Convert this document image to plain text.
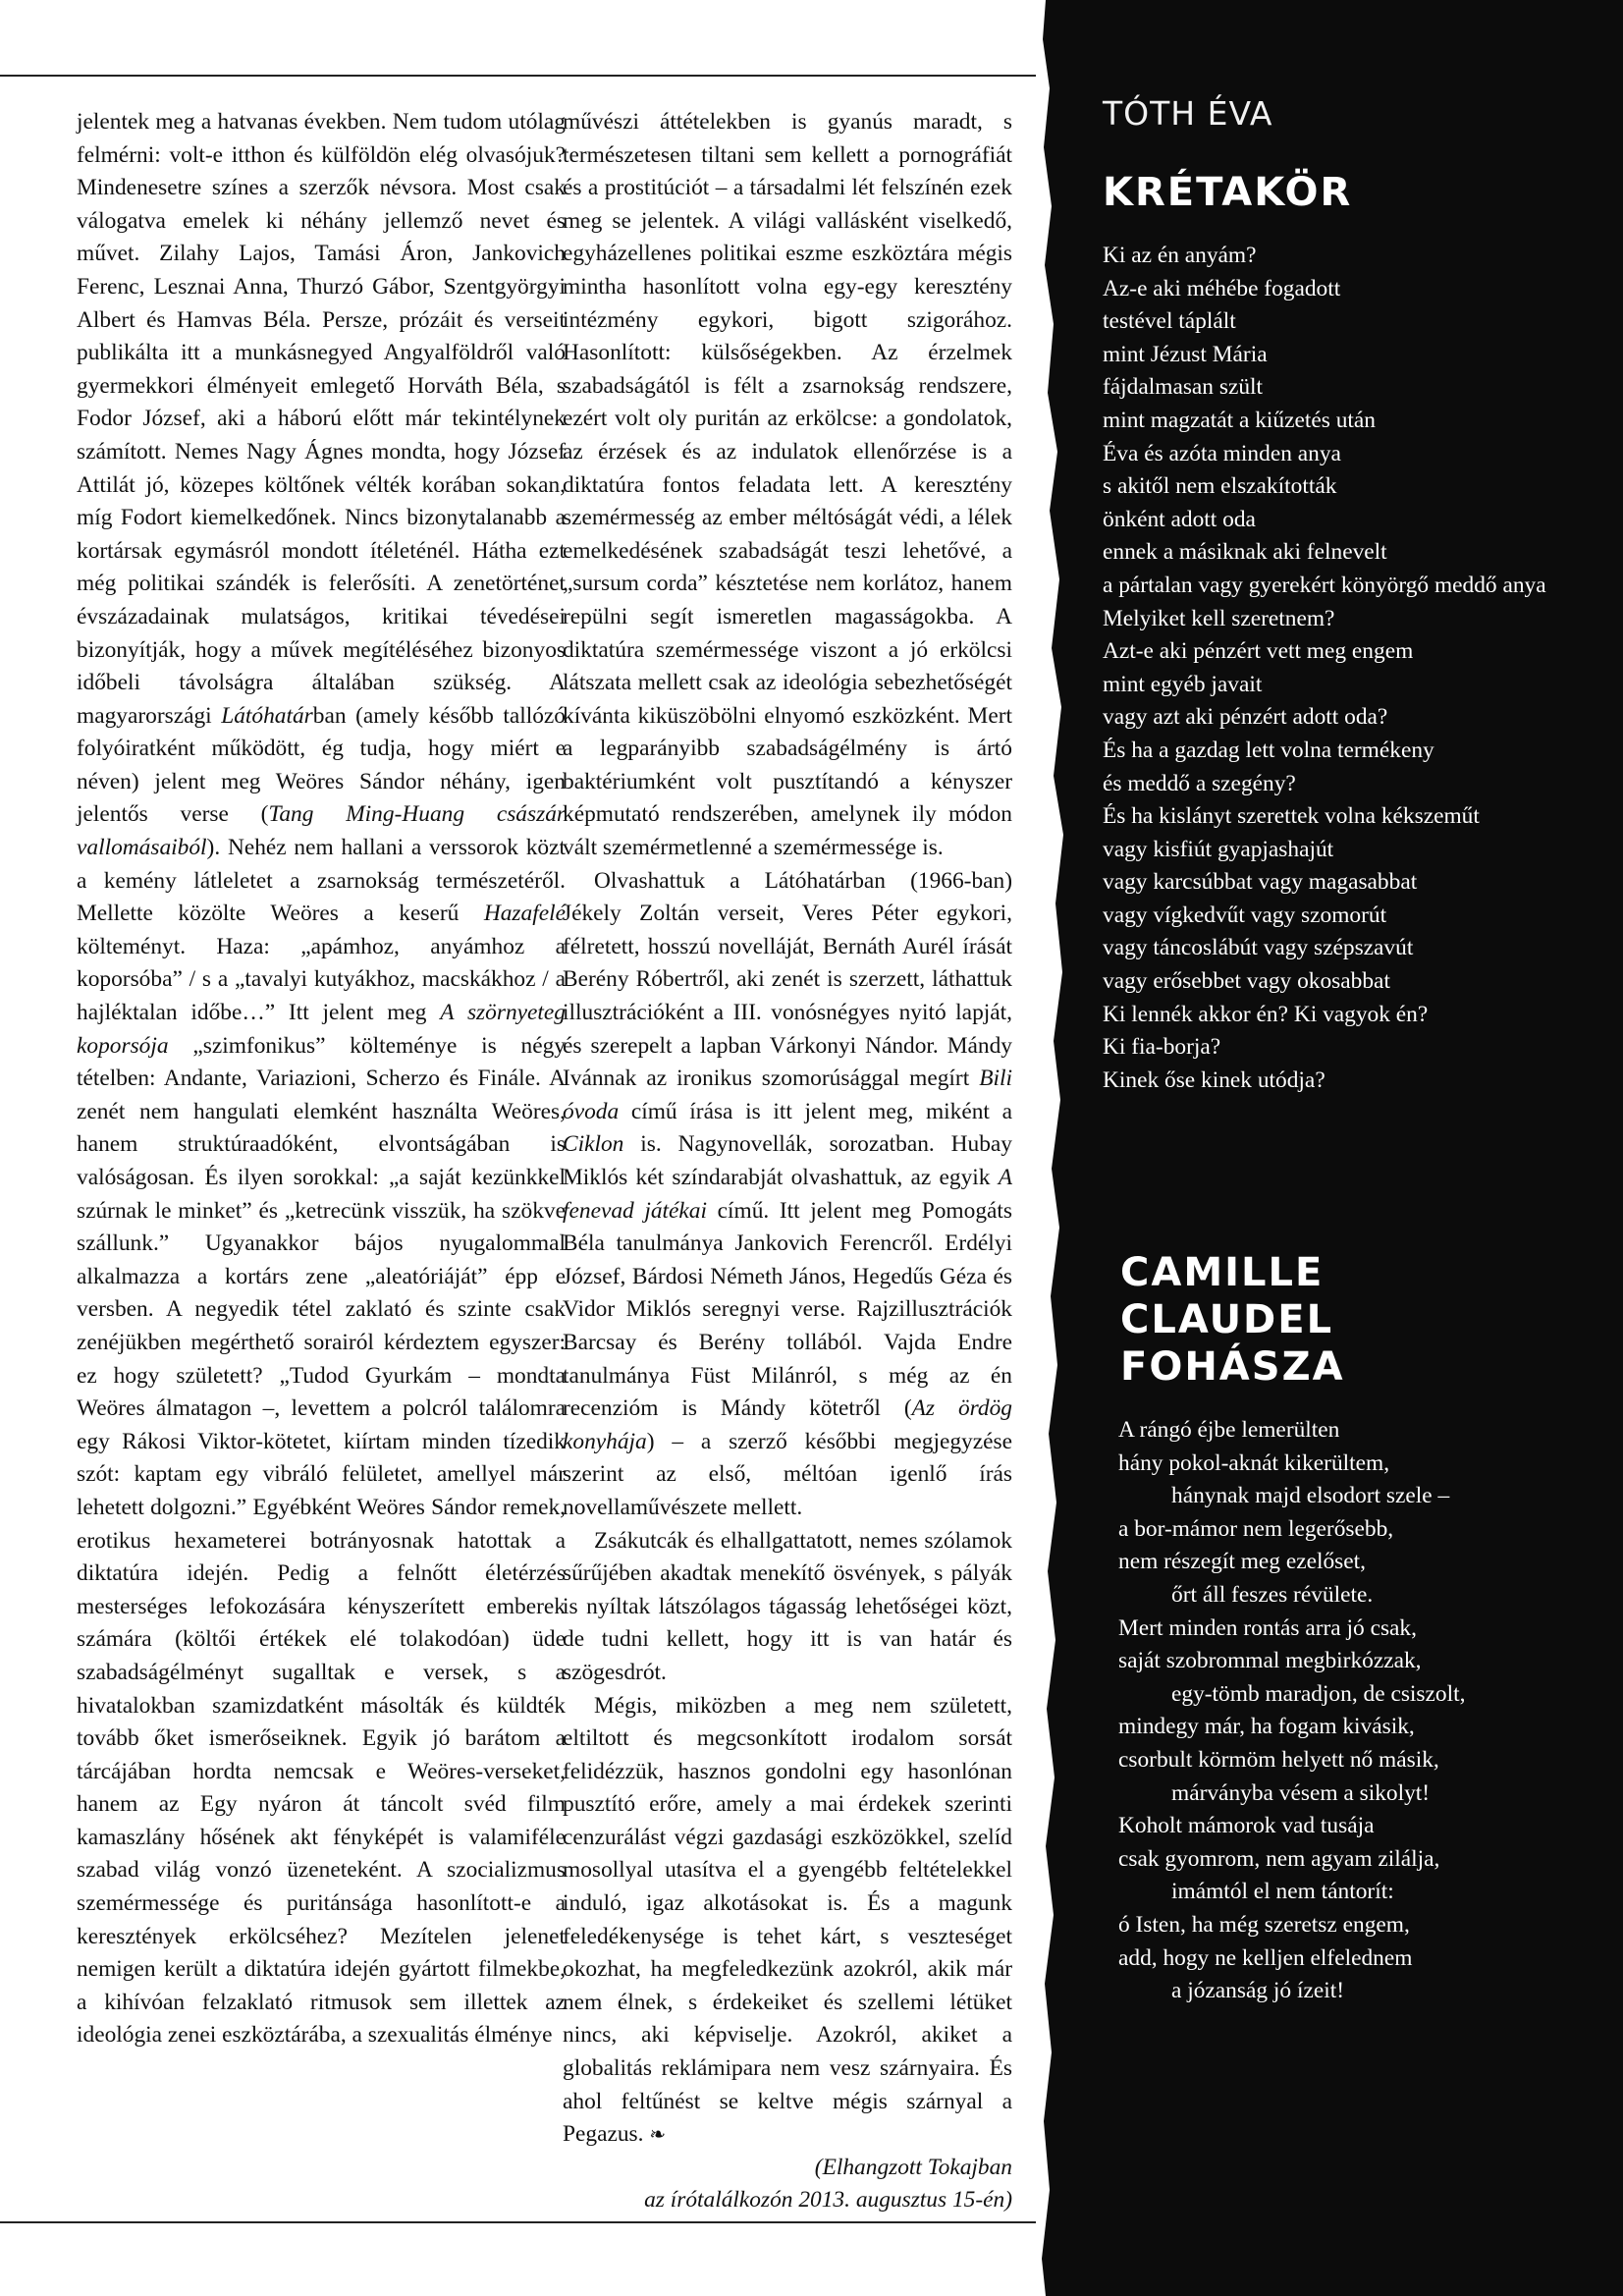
jelentek meg a hatvanas években. Nem tudom utólag felmérni: volt-e itthon és külföldön elég olvasójuk? Mindenesetre színes a szerzők névsora. Most csak válogatva emelek ki néhány jellemző nevet és művet. Zilahy Lajos, Tamási Áron, Jankovich Ferenc, Lesznai Anna, Thurzó Gábor, Szentgyörgyi Albert és Hamvas Béla. Persze, prózáit és verseit publikálta itt a munkásnegyed Angyalföldről való gyermekkori élményeit emlegető Horváth Béla, s Fodor József, aki a háború előtt már tekintélynek számított. Nemes Nagy Ágnes mondta, hogy József Attilát jó, közepes költőnek vélték korában sokan, míg Fodort kiemelkedőnek. Nincs bizonytalanabb a kortársak egymásról mondott ítéleténél. Hátha ezt még politikai szándék is felerősíti. A zenetörténet évszázadainak mulatságos, kritikai tévedései bizonyítják, hogy a művek megítéléséhez bizonyos időbeli távolságra általában szükség. A magyarországi Látóhatárban (amely később tallózó folyóiratként működött, ég tudja, hogy miért e néven) jelent meg Weöres Sándor néhány, igen jelentős verse (Tang Ming-Huang császár vallomásaiból). Nehéz nem hallani a verssorok közt a kemény látleletet a zsarnokság természetéről. Mellette közölte Weöres a keserű Hazafelé költeményt. Haza: „apámhoz, anyámhoz a koporsóba” / s a „tavalyi kutyákhoz, macskákhoz / a hajléktalan időbe…” Itt jelent meg A szörnyeteg koporsója „szimfonikus” költeménye is négy tételben: Andante, Variazioni, Scherzo és Finále. A zenét nem hangulati elemként használta Weöres, hanem struktúraadóként, elvontságában is valóságosan. És ilyen sorokkal: „a saját kezünkkel szúrnak le minket” és „ketrecünk visszük, ha szökve szállunk.” Ugyanakkor bájos nyugalommal alkalmazza a kortárs zene „aleatóriáját” épp e versben. A negyedik tétel zaklató és szinte csak zenéjükben megérthető sorairól kérdeztem egyszer: ez hogy született? „Tudod Gyurkám – mondta Weöres álmatagon –, levettem a polcról találomra egy Rákosi Viktor-kötetet, kiírtam minden tízedik szót: kaptam egy vibráló felületet, amellyel már lehetett dolgozni.” Egyébként Weöres Sándor remek, erotikus hexameterei botrányosnak hatottak a diktatúra idején. Pedig a felnőtt életérzés mesterséges lefokozására kényszerített emberek számára (költői értékek elé tolakodóan) üde szabadságélményt sugalltak e versek, s a hivatalokban szamizdatként másolták és küldték tovább őket ismerőseiknek. Egyik jó barátom a tárcájában hordta nemcsak e Weöres-verseket, hanem az Egy nyáron át táncolt svéd film kamaszlány hősének akt fényképét is valamiféle szabad világ vonzó üzeneteként. A szocializmus szemérmessége és puritánsága hasonlított-e a keresztények erkölcséhez? Mezítelen jelenet nemigen került a diktatúra idején gyártott filmekbe, a kihívóan felzaklató ritmusok sem illettek az ideológia zenei eszköztárába, a szexualitás élménye

művészi áttételekben is gyanús maradt, s természetesen tiltani sem kellett a pornográfiát és a prostitúciót – a társadalmi lét felszínén ezek meg se jelentek. A világi vallásként viselkedő, egyházellenes politikai eszme eszköztára mégis mintha hasonlított volna egy-egy keresztény intézmény egykori, bigott szigorához. Hasonlított: külsőségekben. Az érzelmek szabadságától is félt a zsarnokság rendszere, ezért volt oly puritán az erkölcse: a gondolatok, az érzések és az indulatok ellenőrzése is a diktatúra fontos feladata lett. A keresztény szemérmesség az ember méltóságát védi, a lélek emelkedésének szabadságát teszi lehetővé, a „sursum corda” késztetése nem korlátoz, hanem repülni segít ismeretlen magasságokba. A diktatúra szemérmessége viszont a jó erkölcsi látszata mellett csak az ideológia sebezhetőségét kívánta kiküszöbölni elnyomó eszközként. Mert a legparányibb szabadságélmény is ártó baktériumként volt pusztítandó a kényszer képmutató rendszerében, amelynek ily módon vált szemérmetlenné a szemérmessége is.

Olvashattuk a Látóhatárban (1966-ban) Jékely Zoltán verseit, Veres Péter egykori, félretett, hosszú novelláját, Bernáth Aurél írását Berény Róbertről, aki zenét is szerzett, láthattuk illusztrációként a III. vonósnégyes nyitó lapját, és szerepelt a lapban Várkonyi Nándor. Mándy Ivánnak az ironikus szomorúsággal megírt Bili óvoda című írása is itt jelent meg, miként a Ciklon is. Nagynovellák, sorozatban. Hubay Miklós két színdarabját olvashattuk, az egyik A fenevad játékai című. Itt jelent meg Pomogáts Béla tanulmánya Jankovich Ferencről. Erdélyi József, Bárdosi Németh János, Hegedűs Géza és Vidor Miklós seregnyi verse. Rajzillusztrációk Barcsay és Berény tollából. Vajda Endre tanulmánya Füst Milánról, s még az én recenzióm is Mándy kötetről (Az ördög konyhája) – a szerző későbbi megjegyzése szerint az első, méltóan igenlő írás novellaművészete mellett.

Zsákutcák és elhallgattatott, nemes szólamok sűrűjében akadtak menekítő ösvények, s pályák is nyíltak látszólagos tágasság lehetőségei közt, de tudni kellett, hogy itt is van határ és szögesdrót.

Mégis, miközben a meg nem született, eltiltott és megcsonkított irodalom sorsát felidézzük, hasznos gondolni egy hasonlónan pusztító erőre, amely a mai érdekek szerinti cenzurálást végzi gazdasági eszközökkel, szelíd mosollyal utasítva el a gyengébb feltételekkel induló, igaz alkotásokat is. És a magunk feledékenysége is tehet kárt, s veszteséget okozhat, ha megfeledkezünk azokról, akik már nem élnek, s érdekeiket és szellemi létüket nincs, aki képviselje. Azokról, akiket a globalitás reklámipara nem vesz szárnyaira. És ahol feltűnést se keltve mégis szárnyal a Pegazus. ❧

(Elhangzott Tokajban
az írótalálkozón 2013. augusztus 15-én)
TÓTH ÉVA
KRÉTAKÖR
Ki az én anyám?
Az-e aki méhébe fogadott
testével táplált
mint Jézust Mária
fájdalmasan szült
mint magzatát a kiűzetés után
Éva és azóta minden anya
s akitől nem elszakították
önként adott oda
ennek a másiknak aki felnevelt
a pártalan vagy gyerekért könyörgő meddő anya
Melyiket kell szeretnem?
Azt-e aki pénzért vett meg engem
mint egyéb javait
vagy azt aki pénzért adott oda?
És ha a gazdag lett volna termékeny
és meddő a szegény?
És ha kislányt szerettek volna kékszeműt
vagy kisfiút gyapjashajút
vagy karcsúbbat vagy magasabbat
vagy vígkedvűt vagy szomorút
vagy táncoslábút vagy szépszavút
vagy erősebbet vagy okosabbat
Ki lennék akkor én? Ki vagyok én?
Ki fia-borja?
Kinek őse kinek utódja?
CAMILLE
CLAUDEL
FOHÁSZA
A rángó éjbe lemerülten
hány pokol-aknát kikerültem,
hánynak majd elsodort szele –
a bor-mámor nem legerősebb,
nem részegít meg ezelőset,
őrt áll feszes révülete.
Mert minden rontás arra jó csak,
saját szobrommal megbirkózzak,
egy-tömb maradjon, de csiszolt,
mindegy már, ha fogam kivásik,
csorbult körmöm helyett nő másik,
márványba vésem a sikolyt!
Koholt mámorok vad tusája
csak gyomrom, nem agyam zilálja,
imámtól el nem tántorít:
ó Isten, ha még szeretsz engem,
add, hogy ne kelljen elfelednem
a józanság jó ízeit!
